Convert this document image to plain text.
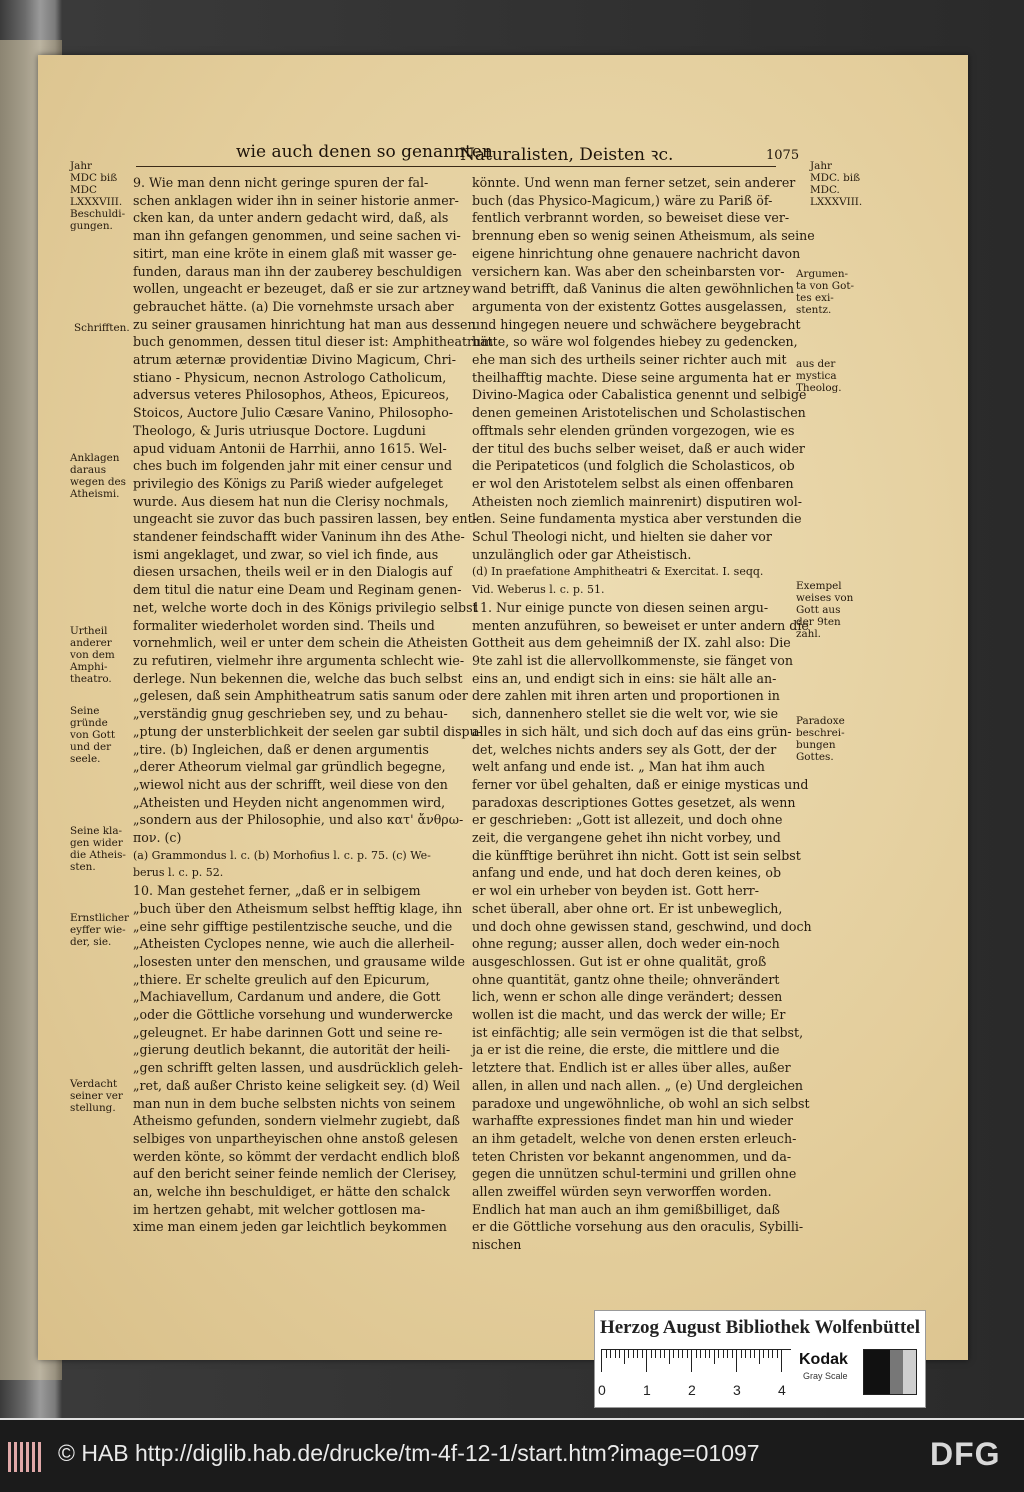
wie auch denen so genannten
Naturalisten, Deisten ꝛc.	1075
9. Wie man denn nicht geringe spuren der fal-
schen anklagen wider ihn in seiner historie anmer-
cken kan, da unter andern gedacht wird, daß, als
man ihn gefangen genommen, und seine sachen vi-
sitirt, man eine kröte in einem glaß mit wasser ge-
funden, daraus man ihn der zauberey beschuldigen
wollen, ungeacht er bezeuget, daß er sie zur artzney
gebrauchet hätte. (a) Die vornehmste ursach aber
zu seiner grausamen hinrichtung hat man aus dessen
buch genommen, dessen titul dieser ist: Amphitheatrum
atrum æternæ providentiæ Divino Magicum, Chri-
stiano - Physicum, necnon Astrologo Catholicum,
adversus veteres Philosophos, Atheos, Epicureos,
Stoicos, Auctore Julio Cæsare Vanino, Philosopho-
Theologo, & Juris utriusque Doctore. Lugduni
apud viduam Antonii de Harrhii, anno 1615. Wel-
ches buch im folgenden jahr mit einer censur und
privilegio des Königs zu Pariß wieder aufgeleget
wurde. Aus diesem hat nun die Clerisy nochmals,
ungeacht sie zuvor das buch passiren lassen, bey ent-
standener feindschafft wider Vaninum ihn des Athe-
ismi angeklaget, und zwar, so viel ich finde, aus
diesen ursachen, theils weil er in den Dialogis auf
dem titul die natur eine Deam und Reginam genen-
net, welche worte doch in des Königs privilegio selbst
formaliter wiederholet worden sind. Theils und
vornehmlich, weil er unter dem schein die Atheisten
zu refutiren, vielmehr ihre argumenta schlecht wie-
derlege. Nun bekennen die, welche das buch selbst
„gelesen, daß sein Amphitheatrum satis sanum oder
„verständig gnug geschrieben sey, und zu behau-
„ptung der unsterblichkeit der seelen gar subtil dispu-
„tire. (b) Ingleichen, daß er denen argumentis
„derer Atheorum vielmal gar gründlich begegne,
„wiewol nicht aus der schrifft, weil diese von den
„Atheisten und Heyden nicht angenommen wird,
„sondern aus der Philosophie, und also κατ' ἄνθρω-
πον. (c)
(a) Grammondus l. c. (b) Morhofius l. c. p. 75. (c) We-
berus l. c. p. 52.
10. Man gestehet ferner, „daß er in selbigem
„buch über den Atheismum selbst hefftig klage, ihn
„eine sehr gifftige pestilentzische seuche, und die
„Atheisten Cyclopes nenne, wie auch die allerheil-
„losesten unter den menschen, und grausame wilde
„thiere. Er schelte greulich auf den Epicurum,
„Machiavellum, Cardanum und andere, die Gott
„oder die Göttliche vorsehung und wunderwercke
„geleugnet. Er habe darinnen Gott und seine re-
„gierung deutlich bekannt, die autorität der heili-
„gen schrifft gelten lassen, und ausdrücklich geleh-
„ret, daß außer Christo keine seligkeit sey. (d) Weil
man nun in dem buche selbsten nichts von seinem
Atheismo gefunden, sondern vielmehr zugiebt, daß
selbiges von unpartheyischen ohne anstoß gelesen
werden könte, so kömmt der verdacht endlich bloß
auf den bericht seiner feinde nemlich der Clerisey,
an, welche ihn beschuldiget, er hätte den schalck
im hertzen gehabt, mit welcher gottlosen ma-
xime man einem jeden gar leichtlich beykommen
könnte. Und wenn man ferner setzet, sein anderer
buch (das Physico-Magicum,) wäre zu Pariß öf-
fentlich verbrannt worden, so beweiset diese ver-
brennung eben so wenig seinen Atheismum, als seine
eigene hinrichtung ohne genauere nachricht davon
versichern kan. Was aber den scheinbarsten vor-
wand betrifft, daß Vaninus die alten gewöhnlichen
argumenta von der existentz Gottes ausgelassen,
und hingegen neuere und schwächere beygebracht
hätte, so wäre wol folgendes hiebey zu gedencken,
ehe man sich des urtheils seiner richter auch mit
theilhafftig machte. Diese seine argumenta hat er
Divino-Magica oder Cabalistica genennt und selbige
denen gemeinen Aristotelischen und Scholastischen
offtmals sehr elenden gründen vorgezogen, wie es
der titul des buchs selber weiset, daß er auch wider
die Peripateticos (und folglich die Scholasticos, ob
er wol den Aristotelem selbst als einen offenbaren
Atheisten noch ziemlich mainrenirt) disputiren wol-
len. Seine fundamenta mystica aber verstunden die
Schul Theologi nicht, und hielten sie daher vor
unzulänglich oder gar Atheistisch.
(d) In praefatione Amphitheatri & Exercitat. I. seqq.
Vid. Weberus l. c. p. 51.
11. Nur einige puncte von diesen seinen argu-
menten anzuführen, so beweiset er unter andern die
Gottheit aus dem geheimniß der IX. zahl also: Die
9te zahl ist die allervollkommenste, sie fänget von
eins an, und endigt sich in eins: sie hält alle an-
dere zahlen mit ihren arten und proportionen in
sich, dannenhero stellet sie die welt vor, wie sie
alles in sich hält, und sich doch auf das eins grün-
det, welches nichts anders sey als Gott, der der
welt anfang und ende ist. „ Man hat ihm auch
ferner vor übel gehalten, daß er einige mysticas und
paradoxas descriptiones Gottes gesetzet, als wenn
er geschrieben: „Gott ist allezeit, und doch ohne
zeit, die vergangene gehet ihn nicht vorbey, und
die künfftige berühret ihn nicht. Gott ist sein selbst
anfang und ende, und hat doch deren keines, ob
er wol ein urheber von beyden ist. Gott herr-
schet überall, aber ohne ort. Er ist unbeweglich,
und doch ohne gewissen stand, geschwind, und doch
ohne regung; ausser allen, doch weder ein-noch
ausgeschlossen. Gut ist er ohne qualität, groß
ohne quantität, gantz ohne theile; ohnverändert
lich, wenn er schon alle dinge verändert; dessen
wollen ist die macht, und das werck der wille; Er
ist einfächtig; alle sein vermögen ist die that selbst,
ja er ist die reine, die erste, die mittlere und die
letztere that. Endlich ist er alles über alles, außer
allen, in allen und nach allen. „ (e) Und dergleichen
paradoxe und ungewöhnliche, ob wohl an sich selbst
warhaffte expressiones findet man hin und wieder
an ihm getadelt, welche von denen ersten erleuch-
teten Christen vor bekannt angenommen, und da-
gegen die unnützen schul-termini und grillen ohne
allen zweiffel würden seyn verworffen worden.
Endlich hat man auch an ihm gemißbilliget, daß
er die Göttliche vorsehung aus den oraculis, Sybilli-
nischen
Jahr
MDC biß
MDC
LXXXVIII.
Beschuldi-
gungen.
Schrifften.
Anklagen
daraus
wegen des
Atheismi.
Urtheil
anderer
von dem
Amphi-
theatro.
Seine
gründe
von Gott
und der
seele.
Seine kla-
gen wider
die Atheis-
sten.
Ernstlicher
eyffer wie-
der, sie.
Verdacht
seiner ver
stellung.
Jahr
MDC. biß
MDC.
LXXXVIII.
Argumen-
ta von Got-
tes exi-
stentz.
aus der
mystica
Theolog.
Exempel
weises von
Gott aus
der 9ten
zahl.
Paradoxe
beschrei-
bungen
Gottes.
Herzog August Bibliothek Wolfenbüttel
0	1	2	3	4
Kodak
Gray Scale
© HAB http://diglib.hab.de/drucke/tm-4f-12-1/start.htm?image=01097	DFG
